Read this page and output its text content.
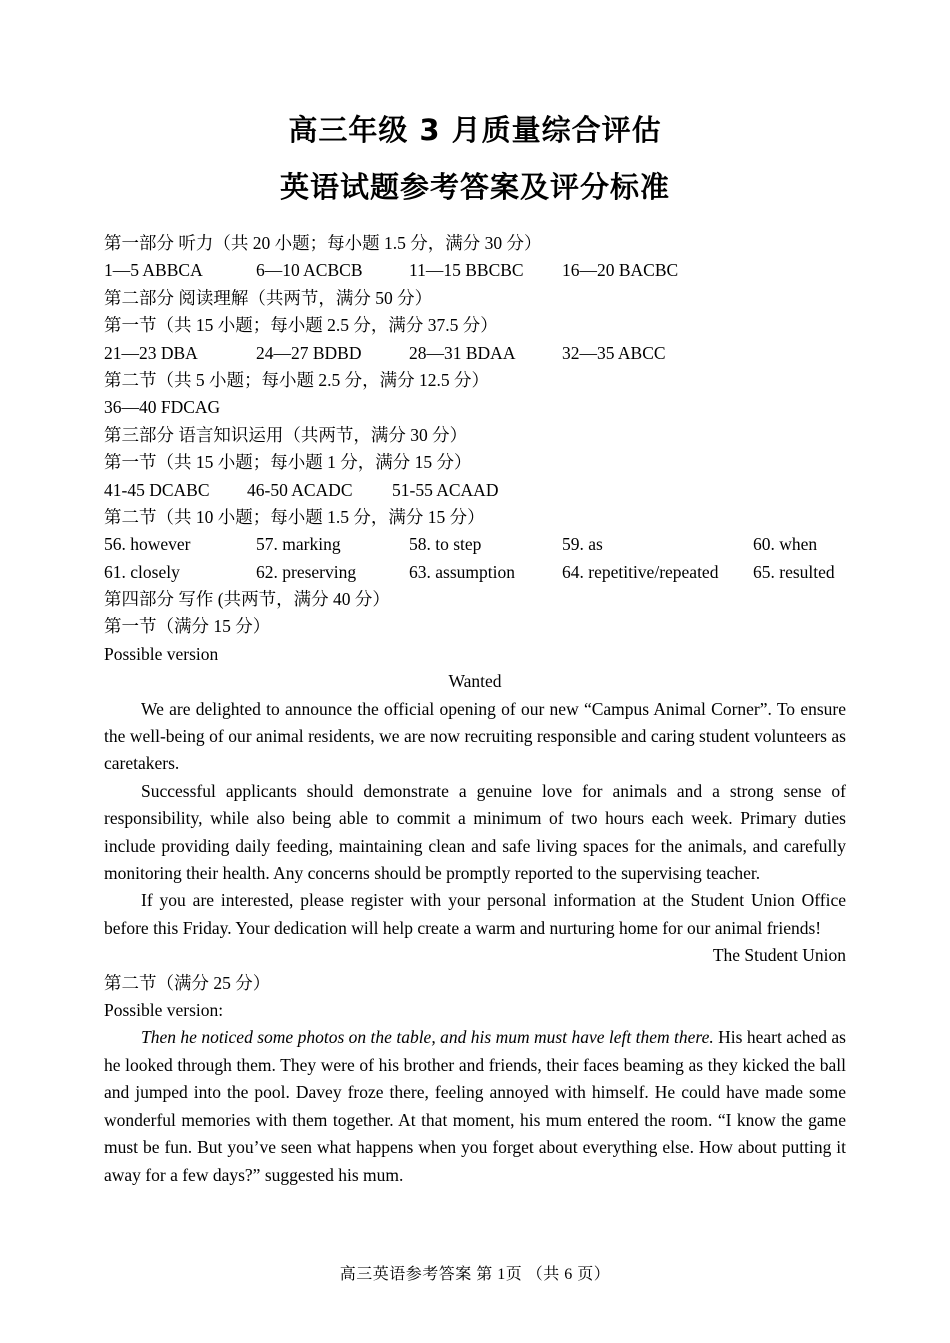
高三年级 3 月质量综合评估
英语试题参考答案及评分标准
第一部分 听力（共 20 小题；每小题 1.5 分，满分 30 分）
1—5 ABBCA	6—10 ACBCB	11—15 BBCBC	16—20 BACBC
第二部分 阅读理解（共两节，满分 50 分）
第一节（共 15 小题；每小题 2.5 分，满分 37.5 分）
21—23 DBA	24—27 BDBD	28—31 BDAA	32—35 ABCC
第二节（共 5 小题；每小题 2.5 分，满分 12.5 分）
36—40 FDCAG
第三部分 语言知识运用（共两节，满分 30 分）
第一节（共 15 小题；每小题 1 分，满分 15 分）
41-45 DCABC	46-50 ACADC	51-55 ACAAD
第二节（共 10 小题；每小题 1.5 分，满分 15 分）
56. however	57. marking	58. to step	59. as	60. when
61. closely	62. preserving	63. assumption	64. repetitive/repeated	65. resulted
第四部分 写作 (共两节，满分 40 分）
第一节（满分 15 分）
Possible version
Wanted
We are delighted to announce the official opening of our new “Campus Animal Corner”. To ensure the well-being of our animal residents, we are now recruiting responsible and caring student volunteers as caretakers.
Successful applicants should demonstrate a genuine love for animals and a strong sense of responsibility, while also being able to commit a minimum of two hours each week. Primary duties include providing daily feeding, maintaining clean and safe living spaces for the animals, and carefully monitoring their health. Any concerns should be promptly reported to the supervising teacher.
If you are interested, please register with your personal information at the Student Union Office before this Friday. Your dedication will help create a warm and nurturing home for our animal friends!
The Student Union
第二节（满分 25 分）
Possible version:
Then he noticed some photos on the table, and his mum must have left them there. His heart ached as he looked through them. They were of his brother and friends, their faces beaming as they kicked the ball and jumped into the pool. Davey froze there, feeling annoyed with himself. He could have made some wonderful memories with them together. At that moment, his mum entered the room. “I know the game must be fun. But you’ve seen what happens when you forget about everything else. How about putting it away for a few days?” suggested his mum.
高三英语参考答案 第 1页 （共 6 页）
